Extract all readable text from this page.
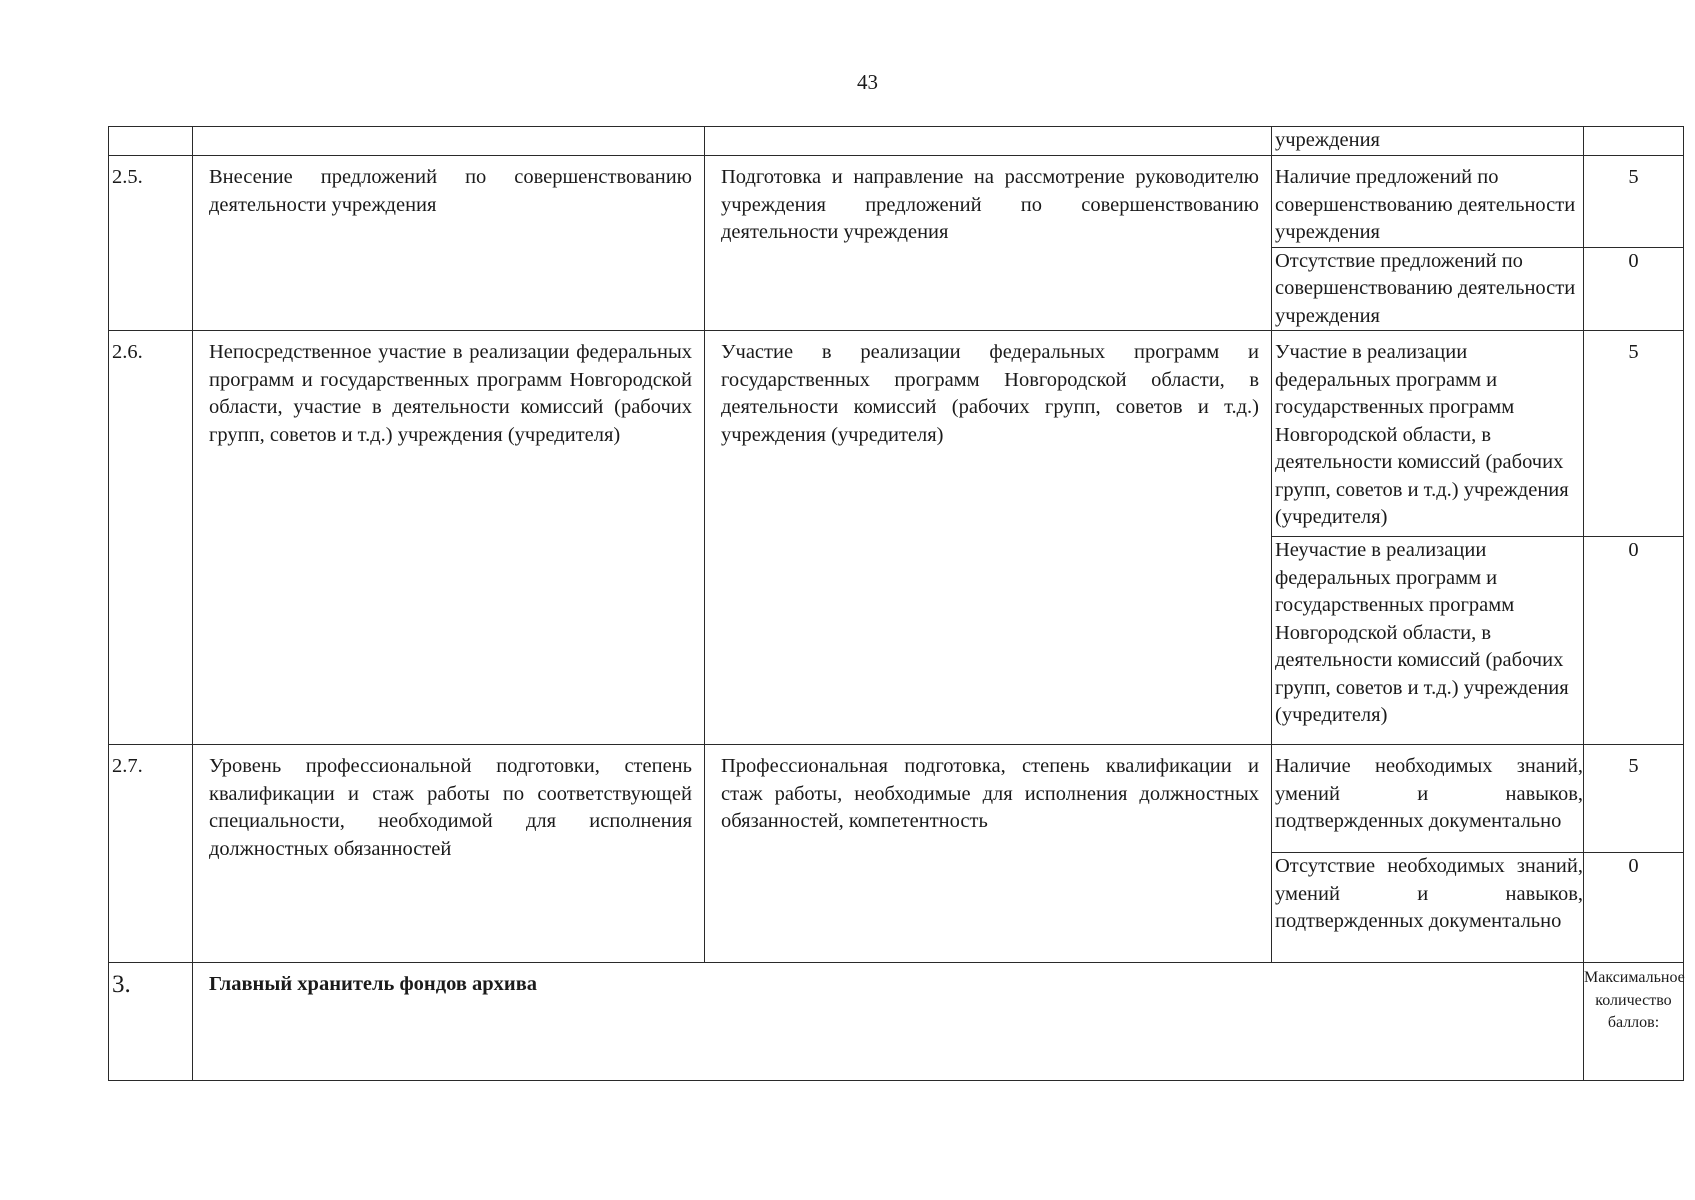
43
			учреждения	
2.5.	Внесение предложений по совершенствованию деятельности учреждения	Подготовка и направление на рассмотрение руководителю учреждения предложений по совершенствованию деятельности учреждения	Наличие предложений по совершенствованию деятельности учреждения	5
			Отсутствие предложений по совершенствованию деятельности учреждения	0
2.6.	Непосредственное участие в реализации федеральных программ и государственных программ Новгородской области, участие в деятельности комиссий (рабочих групп, советов и т.д.) учреждения (учредителя)	Участие в реализации федеральных программ и государственных программ Новгородской области, в деятельности комиссий (рабочих групп, советов и т.д.) учреждения (учредителя)	Участие в реализации федеральных программ и государственных программ Новгородской области, в деятельности комиссий (рабочих групп, советов и т.д.) учреждения (учредителя)	5
			Неучастие в реализации федеральных программ и государственных программ Новгородской области, в деятельности комиссий (рабочих групп, советов и т.д.) учреждения (учредителя)	0
2.7.	Уровень профессиональной подготовки, степень квалификации и стаж работы по соответствующей специальности, необходимой для исполнения должностных обязанностей	Профессиональная подготовка, степень квалификации и стаж работы, необходимые для исполнения должностных обязанностей, компетентность	Наличие необходимых знаний, умений и навыков, подтвержденных документально	5
			Отсутствие необходимых знаний, умений и навыков, подтвержденных документально	0
3.	Главный хранитель фондов архива			Максимальное количество баллов:
